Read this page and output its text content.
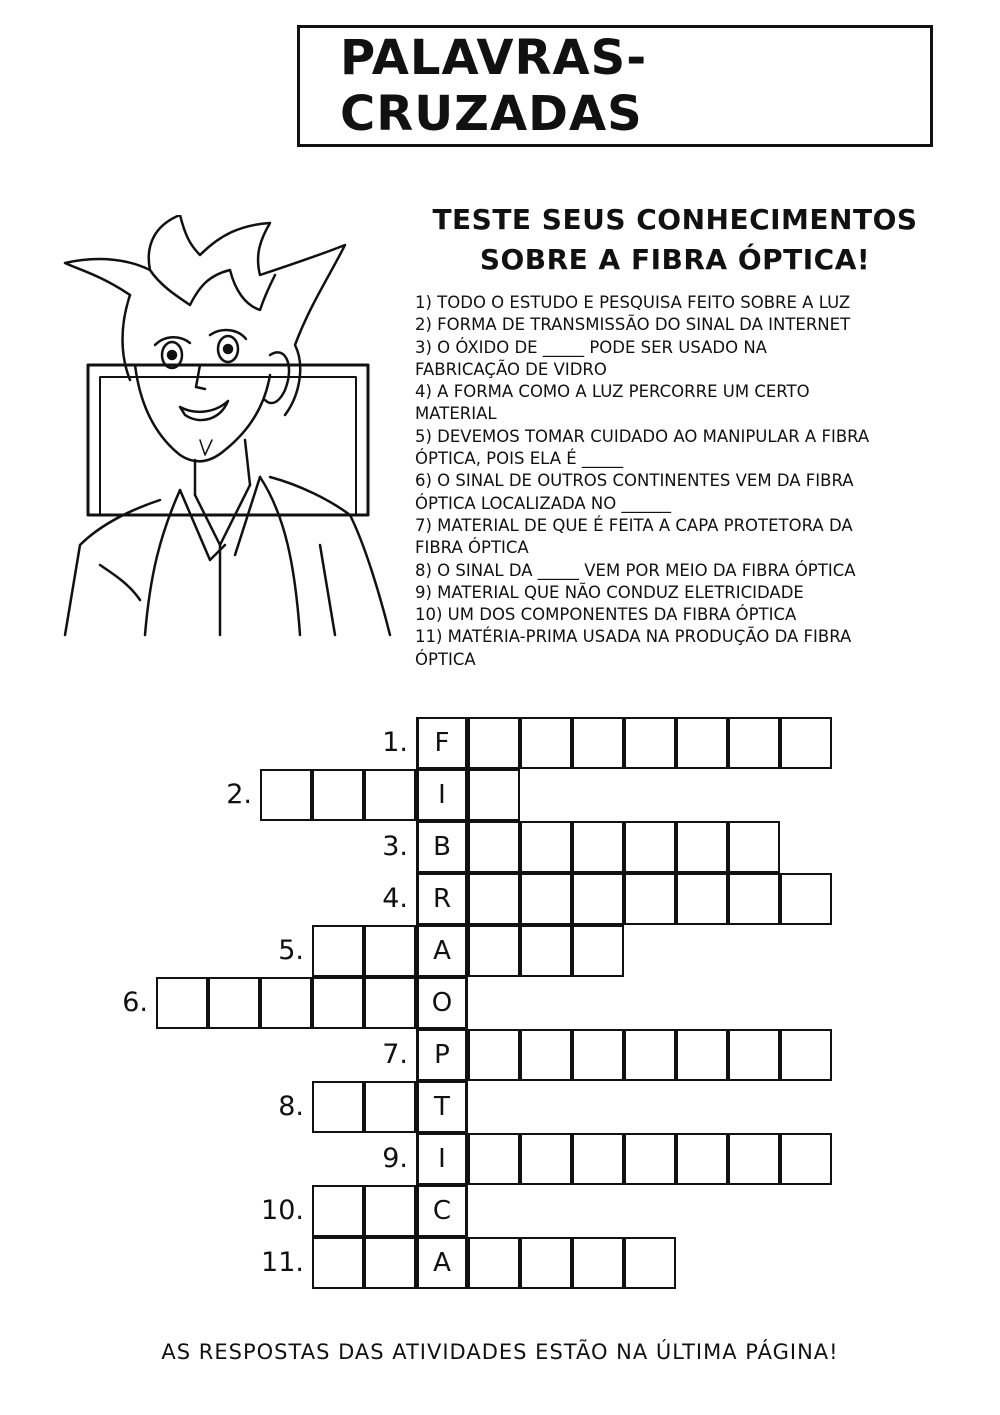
PALAVRAS-CRUZADAS
TESTE SEUS CONHECIMENTOS
SOBRE A FIBRA ÓPTICA!
1) TODO O ESTUDO E PESQUISA FEITO SOBRE A LUZ
2) FORMA DE TRANSMISSÃO DO SINAL DA INTERNET
3) O ÓXIDO DE _____ PODE SER USADO NA
FABRICAÇÃO DE VIDRO
4) A FORMA COMO A LUZ PERCORRE UM CERTO
MATERIAL
5) DEVEMOS TOMAR CUIDADO AO MANIPULAR A FIBRA
ÓPTICA, POIS ELA É _____
6) O SINAL DE OUTROS CONTINENTES VEM DA FIBRA
ÓPTICA LOCALIZADA NO ______
7) MATERIAL DE QUE É FEITA A CAPA PROTETORA DA
FIBRA ÓPTICA
8) O SINAL DA _____ VEM POR MEIO DA FIBRA ÓPTICA
9) MATERIAL QUE NÃO CONDUZ ELETRICIDADE
10) UM DOS COMPONENTES DA FIBRA ÓPTICA
11) MATÉRIA-PRIMA USADA NA PRODUÇÃO DA FIBRA
ÓPTICA
1.	F
2.	I
3. B
4. R
5.	A
6.	O
7.	P
8.	T
9.	I
10.	C
11.	A
AS RESPOSTAS DAS ATIVIDADES ESTÃO NA ÚLTIMA PÁGINA!
